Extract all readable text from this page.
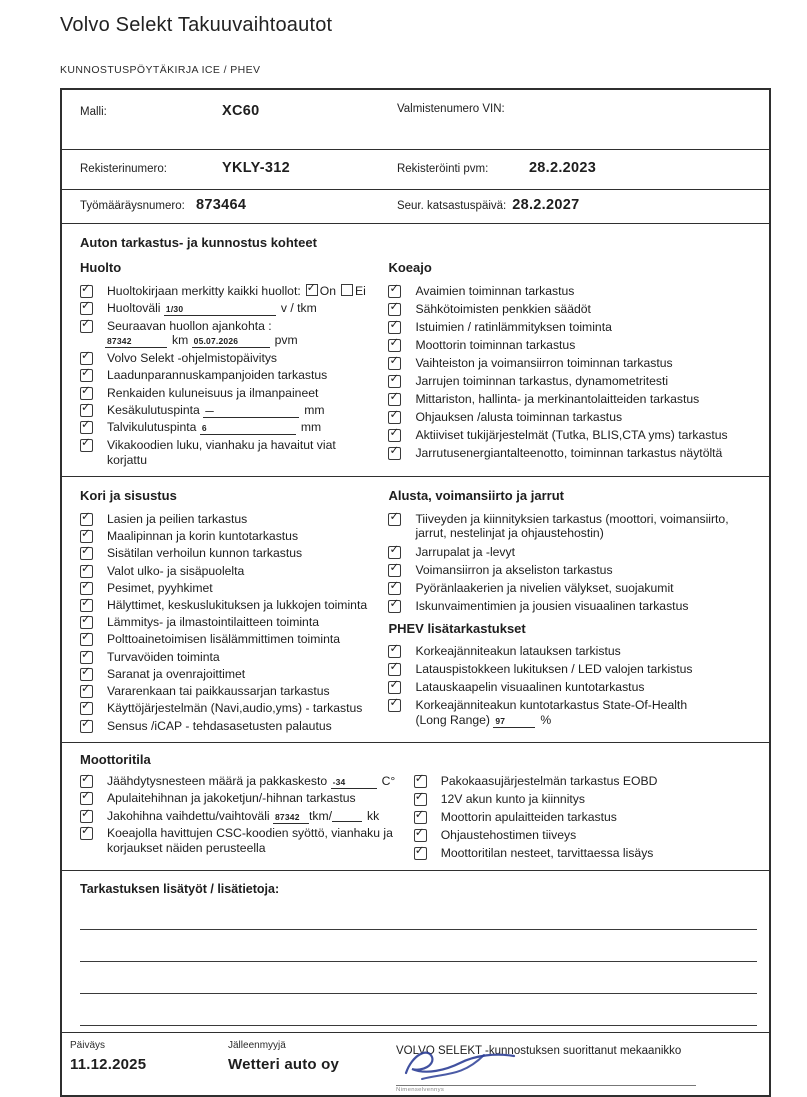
Volvo Selekt Takuuvaihtoautot
KUNNOSTUSPÖYTÄKIRJA ICE / PHEV
Malli:	XC60	Valmistenumero VIN:
Rekisterinumero:	YKLY-312	Rekisteröinti pvm:	28.2.2023
Työmääräysnumero: 873464	Seur. katsastuspäivä: 28.2.2027
Auton tarkastus- ja kunnostus kohteet
Huolto
✓
Huoltokirjaan merkitty kaikki huollot: ✓ On Ei
✓
Huoltoväli 1/30	v / tkm
✓
Seuraavan huollon ajankohta :
87342	km 05.07.2026	pvm
✓
Volvo Selekt -ohjelmistopäivitys
✓
Laadunparannuskampanjoiden tarkastus
✓
Renkaiden kuluneisuus ja ilmanpaineet
✓
Kesäkulutuspinta —	mm
✓
Talvikulutuspinta 6	mm
✓
Vikakoodien luku, vianhaku ja havaitut viat korjattu
Koeajo
✓
Avaimien toiminnan tarkastus
✓
Sähkötoimisten penkkien säädöt
✓
Istuimien / ratinlämmityksen toiminta
✓
Moottorin toiminnan tarkastus
✓
Vaihteiston ja voimansiirron toiminnan tarkastus
✓
Jarrujen toiminnan tarkastus, dynamometritesti
✓
Mittariston, hallinta- ja merkinantolaitteiden tarkastus
✓
Ohjauksen /alusta toiminnan tarkastus
✓
Aktiiviset tukijärjestelmät (Tutka, BLIS,CTA yms) tarkastus
✓
Jarrutusenergiantalteenotto, toiminnan tarkastus näytöltä
Kori ja sisustus
✓
Lasien ja peilien tarkastus
✓
Maalipinnan ja korin kuntotarkastus
✓
Sisätilan verhoilun kunnon tarkastus
✓
Valot ulko- ja sisäpuolelta
✓
Pesimet, pyyhkimet
✓
Hälyttimet, keskuslukituksen ja lukkojen toiminta
✓
Lämmitys- ja ilmastointilaitteen toiminta
✓
Polttoainetoimisen lisälämmittimen toiminta
✓
Turvavöiden toiminta
✓
Saranat ja ovenrajoittimet
✓
Vararenkaan tai paikkaussarjan tarkastus
✓
Käyttöjärjestelmän (Navi,audio,yms) - tarkastus
✓
Sensus /iCAP - tehdasasetusten palautus
Alusta, voimansiirto ja jarrut
✓
Tiiveyden ja kiinnityksien tarkastus (moottori, voimansiirto, jarrut, nestelinjat ja ohjaustehostin)
✓
Jarrupalat ja -levyt
✓
Voimansiirron ja akseliston tarkastus
✓
Pyöränlaakerien ja nivelien välykset, suojakumit
✓
Iskunvaimentimien ja jousien visuaalinen tarkastus
PHEV lisätarkastukset
✓
Korkeajänniteakun latauksen tarkistus
✓
Latauspistokkeen lukituksen / LED valojen tarkistus
✓
Latauskaapelin visuaalinen kuntotarkastus
✓
Korkeajänniteakun kuntotarkastus State-Of-Health
(Long Range) 97	%
Moottoritila
✓
Jäähdytysnesteen määrä ja pakkaskesto -34	C°
✓
Apulaitehihnan ja jakoketjun/-hihnan tarkastus
✓
Jakohihna vaihdettu/vaihtoväli 87342 tkm/	kk
✓
Koeajolla havittujen CSC-koodien syöttö, vianhaku ja korjaukset näiden perusteella
✓
Pakokaasujärjestelmän tarkastus EOBD
✓
12V akun kunto ja kiinnitys
✓
Moottorin apulaitteiden tarkastus
✓
Ohjaustehostimen tiiveys
✓
Moottoritilan nesteet, tarvittaessa lisäys
Tarkastuksen lisätyöt / lisätietoja:
Päiväys
11.12.2025
Jälleenmyyjä
Wetteri auto oy
VOLVO SELEKT -kunnostuksen suorittanut mekaanikko
Nimenselvennys
